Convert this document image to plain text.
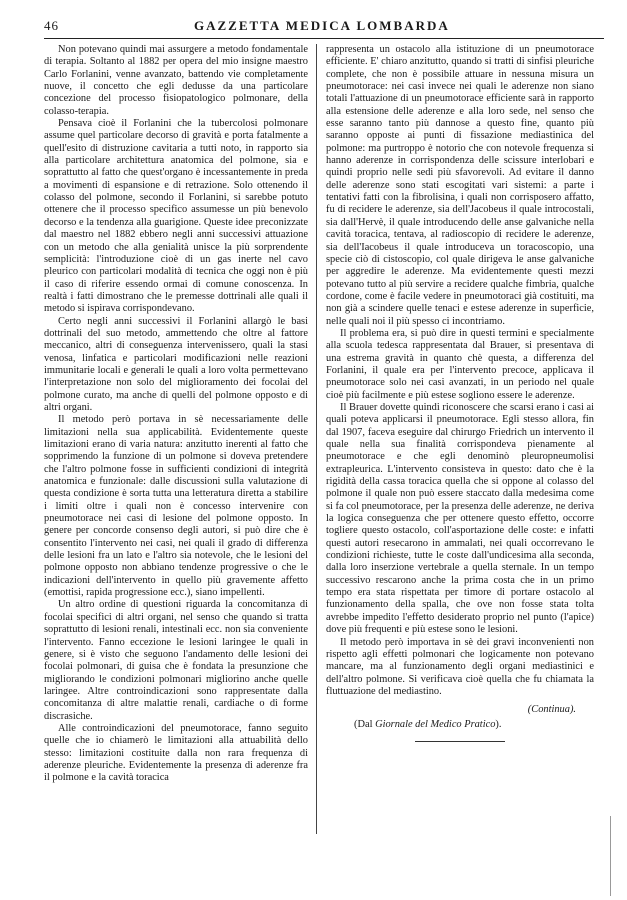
46	GAZZETTA MEDICA LOMBARDA

Non potevano quindi mai assurgere a metodo fondamentale di terapia. Soltanto al 1882 per opera del mio insigne maestro Carlo Forlanini, venne avanzato, battendo vie completamente nuove, il concetto che egli dedusse da una particolare concezione del processo fisiopatologico polmonare, della colasso-terapia.

Pensava cioè il Forlanini che la tubercolosi polmonare assume quel particolare decorso di gravità e porta fatalmente a quell'esito di distruzione cavitaria a tutti noto, in rapporto sia alla particolare architettura anatomica del polmone, sia e soprattutto al fatto che quest'organo è incessantemente in preda a movimenti di espansione e di retrazione. Solo ottenendo il colasso del polmone, secondo il Forlanini, si sarebbe potuto ottenere che il processo specifico assumesse un più benevolo decorso e la tendenza alla guarigione. Queste idee preconizzate dal maestro nel 1882 ebbero negli anni successivi attuazione con un metodo che alla genialità unisce la più sorprendente semplicità: l'introduzione cioè di un gas inerte nel cavo pleurico con particolari modalità di tecnica che oggi non è più il caso di riferire essendo ormai di comune conoscenza. In realtà i fatti dimostrano che le premesse dottrinali alle quali il metodo si ispirava corrispondevano.

Certo negli anni successivi il Forlanini allargò le basi dottrinali del suo metodo, ammettendo che oltre al fattore meccanico, altri di conseguenza intervenissero, quali la stasi venosa, linfatica e particolari modificazioni nelle reazioni immunitarie locali e generali le quali a loro volta permettevano l'interpretazione non solo del miglioramento dei focolai del polmone curato, ma anche di quelli del polmone opposto e di altri organi.

Il metodo però portava in sè necessariamente delle limitazioni nella sua applicabilità. Evidentemente queste limitazioni erano di varia natura: anzitutto inerenti al fatto che sopprimendo la funzione di un polmone si doveva pretendere che l'altro polmone fosse in sufficienti condizioni di integrità anatomica e funzionale: dalle discussioni sulla valutazione di questa condizione è sorta tutta una letteratura diretta a stabilire i limiti oltre i quali non è concesso intervenire con pneumotorace nei casi di lesione del polmone opposto. In genere per concorde consenso degli autori, si può dire che è consentito l'intervento nei casi, nei quali il grado di differenza delle lesioni fra un lato e l'altro sia notevole, che le lesioni del polmone opposto non abbiano tendenze progressive o che le indicazioni dell'intervento in quello più gravemente affetto (emottisi, rapida progressione ecc.), siano impellenti.

Un altro ordine di questioni riguarda la concomitanza di focolai specifici di altri organi, nel senso che quando si tratta soprattutto di lesioni renali, intestinali ecc. non sia conveniente l'intervento. Fanno eccezione le lesioni laringee le quali in genere, si è visto che seguono l'andamento delle lesioni dei focolai polmonari, di guisa che è fondata la presunzione che migliorando le condizioni polmonari migliorino anche quelle laringee. Altre controindicazioni sono rappresentate dalla concomitanza di altre malattie renali, cardiache o di forme discrasiche.

Alle controindicazioni del pneumotorace, fanno seguito quelle che io chiamerò le limitazioni alla attuabilità dello stesso: limitazioni costituite dalla non rara frequenza di aderenze pleuriche. Evidentemente la presenza di aderenze fra il polmone e la cavità toracica

rappresenta un ostacolo alla istituzione di un pneumotorace efficiente. E' chiaro anzitutto, quando si tratti di sinfisi pleuriche complete, che non è possibile attuare in nessuna misura un pneumotorace: nei casi invece nei quali le aderenze non siano totali l'attuazione di un pneumotorace efficiente sarà in rapporto alla estensione delle aderenze e alla loro sede, nel senso che esse saranno tanto più dannose a questo fine, quanto più saranno opposte ai punti di fissazione mediastinica del polmone: ma purtroppo è notorio che con notevole frequenza si hanno aderenze in corrispondenza delle scissure interlobari e quindi proprio nelle sedi più sfavorevoli. Ad evitare il danno delle aderenze sono stati escogitati vari sistemi: a parte i tentativi fatti con la fibrolisina, i quali non corrisposero affatto, fu di recidere le aderenze, sia dell'Jacobeus il quale introcostali, sia dall'Hervè, il quale introducendo delle anse galvaniche nella cavità toracica, tentava, al radioscopio di recidere le aderenze, sia dell'Iacobeus il quale introduceva un toracoscopio, una specie ciò di cistoscopio, col quale dirigeva le anse galvaniche per aggredire le aderenze. Ma evidentemente questi mezzi potevano tutto al più servire a recidere qualche fimbria, qualche cordone, come è facile vedere in pneumotoraci già costituiti, ma non già a scindere quelle tenaci e estese aderenze in superficie, nelle quali noi il più spesso ci incontriamo.

Il problema era, si può dire in questi termini e specialmente alla scuola tedesca rappresentata dal Brauer, si presentava di una estrema gravità in quanto chè questa, a differenza del Forlanini, il quale era per l'intervento precoce, applicava il pneumotorace solo nei casi avanzati, in un periodo nel quale cioè più facilmente e più estese sogliono essere le aderenze.

Il Brauer dovette quindi riconoscere che scarsi erano i casi ai quali poteva applicarsi il pneumotorace. Egli stesso allora, fin dal 1907, faceva eseguire dal chirurgo Friedrich un intervento il quale nella sua finalità corrispondeva pienamente al pneumotorace e che egli denominò pleuropneumolisi extrapleurica. L'intervento consisteva in questo: dato che è la rigidità della cassa toracica quella che si oppone al colasso del polmone il quale non può essere staccato dalla medesima come si fa col pneumotorace, per la presenza delle aderenze, ne deriva la logica conseguenza che per ottenere questo effetto, occorre togliere questo ostacolo, coll'asportazione delle coste: e infatti questi autori resecarono in ammalati, nei quali occorrevano le condizioni richieste, tutte le coste dall'undicesima alla seconda, dalla loro inserzione vertebrale a quella sternale. In un tempo successivo rescarono anche la prima costa che in un primo tempo era stata rispettata per timore di portare ostacolo al funzionamento della spalla, che ove non fosse stata tolta avrebbe impedito l'effetto desiderato proprio nel punto (l'apice) dove più frequenti e più estese sono le lesioni.

Il metodo però importava in sè dei gravi inconvenienti non rispetto agli effetti polmonari che logicamente non potevano mancare, ma al funzionamento degli organi mediastinici e dell'altro polmone. Si verificava cioè quella che fu chiamata la fluttuazione del mediastino.

(Continua).
(Dal Giornale del Medico Pratico).
